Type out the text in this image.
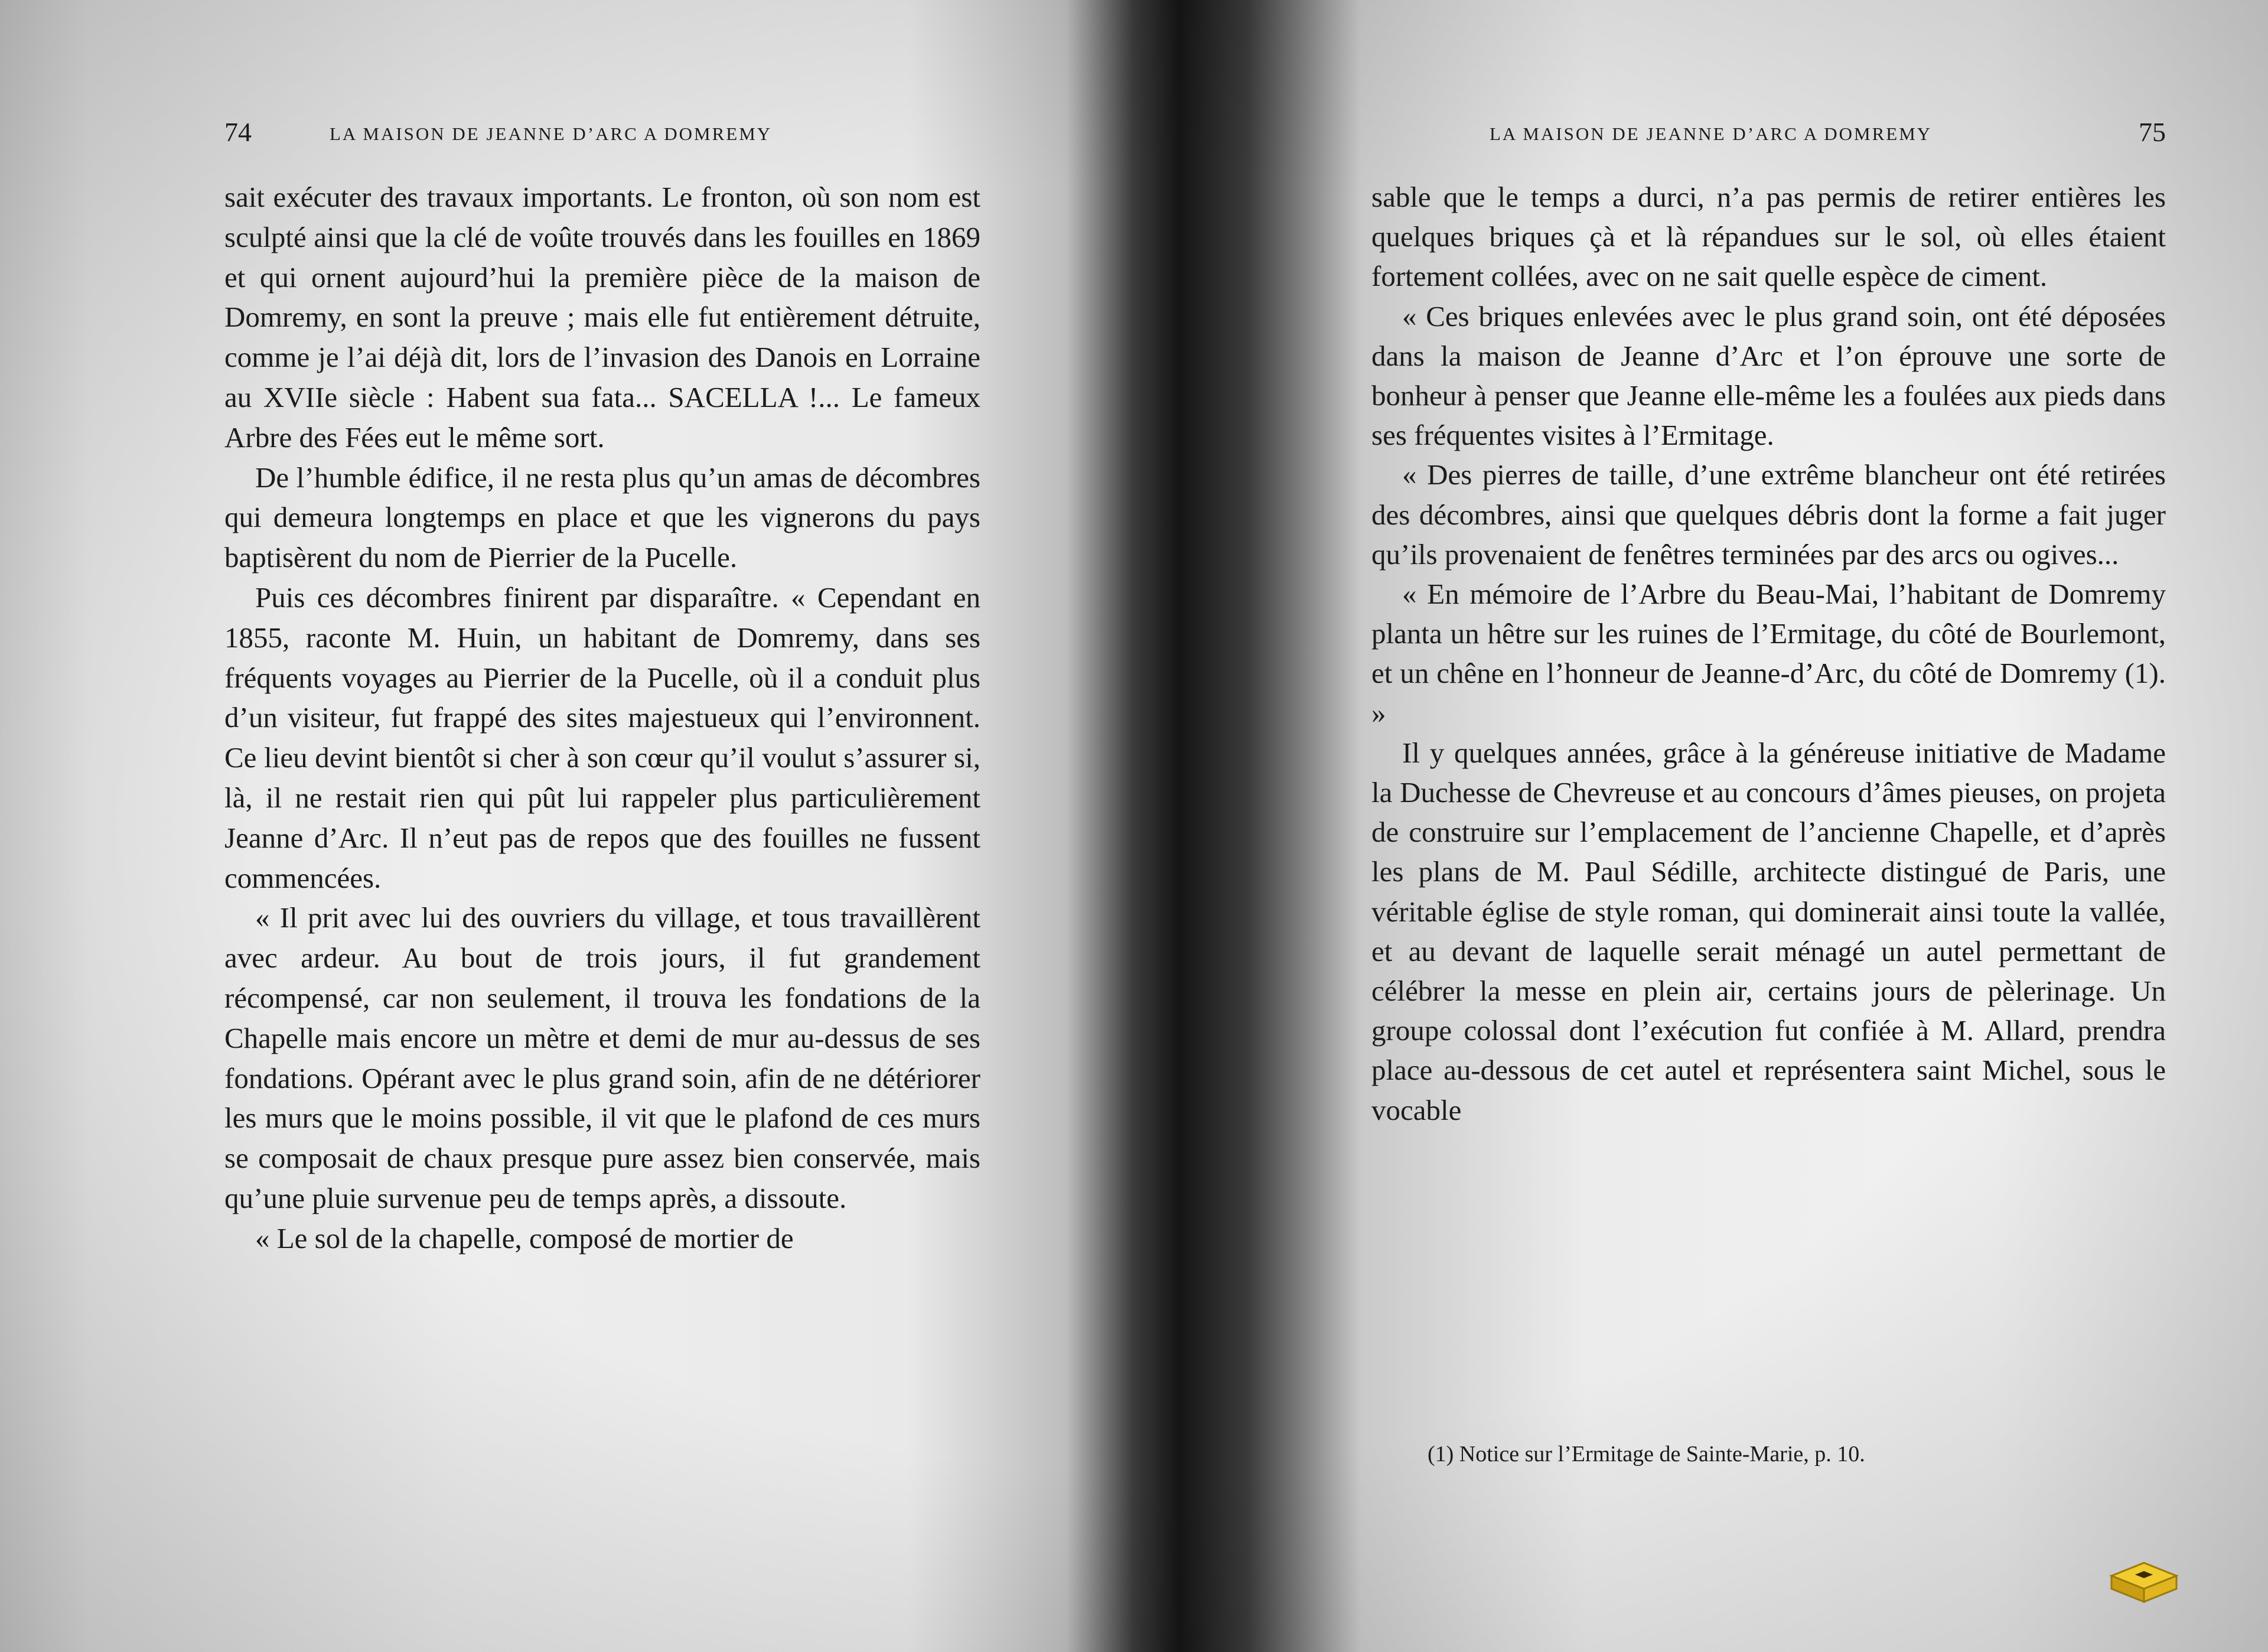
74	LA MAISON DE JEANNE D’ARC A DOMREMY

sait exécuter des travaux importants. Le fronton, où son nom est sculpté ainsi que la clé de voûte trouvés dans les fouilles en 1869 et qui ornent aujourd’hui la première pièce de la maison de Domremy, en sont la preuve ; mais elle fut entièrement détruite, comme je l’ai déjà dit, lors de l’invasion des Danois en Lorraine au XVIIe siècle : Habent sua fata... SACELLA !... Le fameux Arbre des Fées eut le même sort.

De l’humble édifice, il ne resta plus qu’un amas de décombres qui demeura longtemps en place et que les vignerons du pays baptisèrent du nom de Pierrier de la Pucelle.

Puis ces décombres finirent par disparaître. « Cependant en 1855, raconte M. Huin, un habitant de Domremy, dans ses fréquents voyages au Pierrier de la Pucelle, où il a conduit plus d’un visiteur, fut frappé des sites majestueux qui l’environnent. Ce lieu devint bientôt si cher à son cœur qu’il voulut s’assurer si, là, il ne restait rien qui pût lui rappeler plus particulièrement Jeanne d’Arc. Il n’eut pas de repos que des fouilles ne fussent commencées.

« Il prit avec lui des ouvriers du village, et tous travaillèrent avec ardeur. Au bout de trois jours, il fut grandement récompensé, car non seulement, il trouva les fondations de la Chapelle mais encore un mètre et demi de mur au-dessus de ses fondations. Opérant avec le plus grand soin, afin de ne détériorer les murs que le moins possible, il vit que le plafond de ces murs se composait de chaux presque pure assez bien conservée, mais qu’une pluie survenue peu de temps après, a dissoute.

« Le sol de la chapelle, composé de mortier de

LA MAISON DE JEANNE D’ARC A DOMREMY	75

sable que le temps a durci, n’a pas permis de retirer entières les quelques briques çà et là répandues sur le sol, où elles étaient fortement collées, avec on ne sait quelle espèce de ciment.

« Ces briques enlevées avec le plus grand soin, ont été déposées dans la maison de Jeanne d’Arc et l’on éprouve une sorte de bonheur à penser que Jeanne elle-même les a foulées aux pieds dans ses fréquentes visites à l’Ermitage.

« Des pierres de taille, d’une extrême blancheur ont été retirées des décombres, ainsi que quelques débris dont la forme a fait juger qu’ils provenaient de fenêtres terminées par des arcs ou ogives...

« En mémoire de l’Arbre du Beau-Mai, l’habitant de Domremy planta un hêtre sur les ruines de l’Ermitage, du côté de Bourlemont, et un chêne en l’honneur de Jeanne-d’Arc, du côté de Domremy (1). »

Il y quelques années, grâce à la généreuse initiative de Madame la Duchesse de Chevreuse et au concours d’âmes pieuses, on projeta de construire sur l’emplacement de l’ancienne Chapelle, et d’après les plans de M. Paul Sédille, architecte distingué de Paris, une véritable église de style roman, qui dominerait ainsi toute la vallée, et au devant de laquelle serait ménagé un autel permettant de célébrer la messe en plein air, certains jours de pèlerinage. Un groupe colossal dont l’exécution fut confiée à M. Allard, prendra place au-dessous de cet autel et représentera saint Michel, sous le vocable

(1) Notice sur l’Ermitage de Sainte-Marie, p. 10.
